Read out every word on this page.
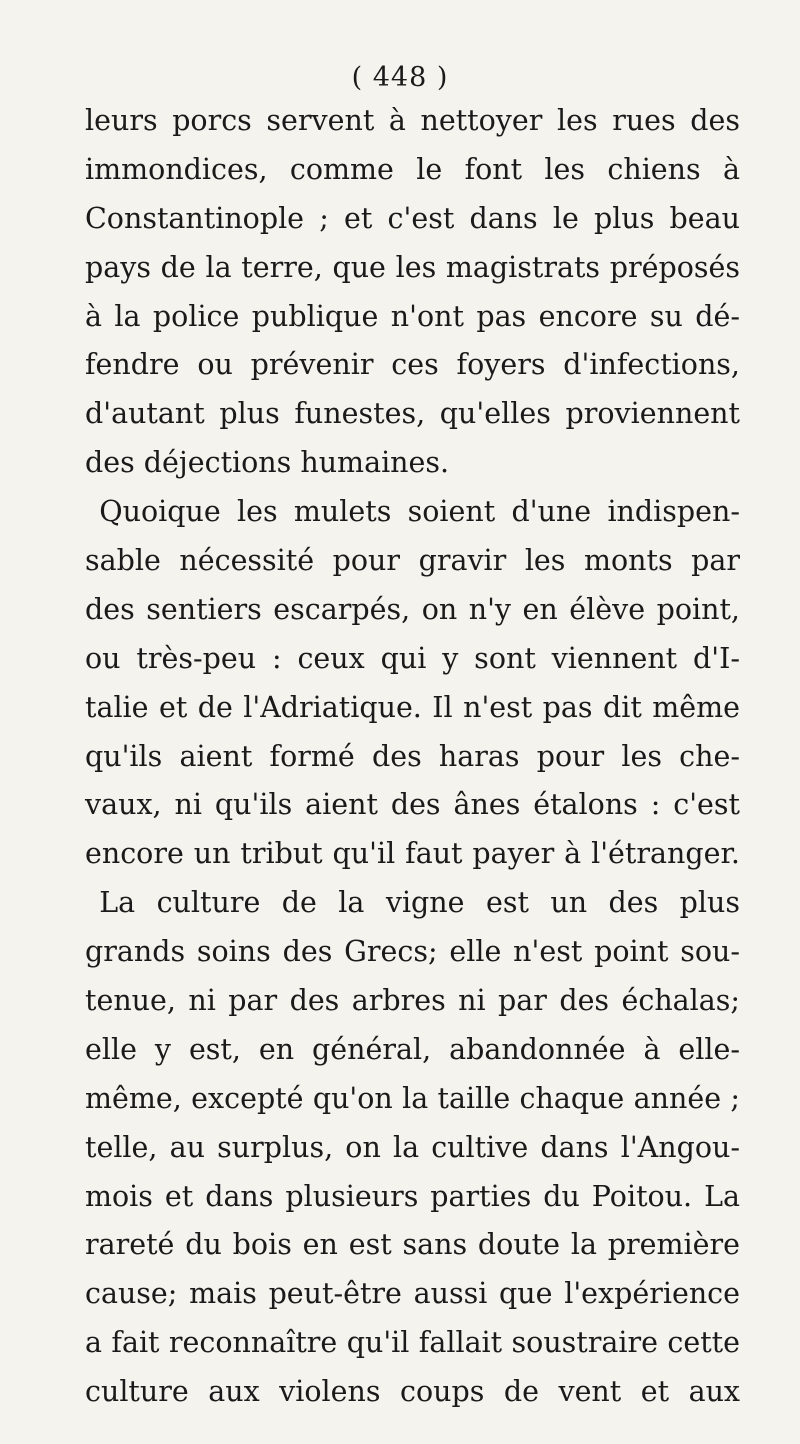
( 448 )
leurs porcs servent à nettoyer les rues des
immondices, comme le font les chiens à
Constantinople ; et c'est dans le plus beau
pays de la terre, que les magistrats préposés
à la police publique n'ont pas encore su dé-
fendre ou prévenir ces foyers d'infections,
d'autant plus funestes, qu'elles proviennent
des déjections humaines.
Quoique les mulets soient d'une indispen-
sable nécessité pour gravir les monts par
des sentiers escarpés, on n'y en élève point,
ou très-peu : ceux qui y sont viennent d'I-
talie et de l'Adriatique. Il n'est pas dit même
qu'ils aient formé des haras pour les che-
vaux, ni qu'ils aient des ânes étalons : c'est
encore un tribut qu'il faut payer à l'étranger.
La culture de la vigne est un des plus
grands soins des Grecs; elle n'est point sou-
tenue, ni par des arbres ni par des échalas;
elle y est, en général, abandonnée à elle-
même, excepté qu'on la taille chaque année ;
telle, au surplus, on la cultive dans l'Angou-
mois et dans plusieurs parties du Poitou. La
rareté du bois en est sans doute la première
cause; mais peut-être aussi que l'expérience
a fait reconnaître qu'il fallait soustraire cette
culture aux violens coups de vent et aux
